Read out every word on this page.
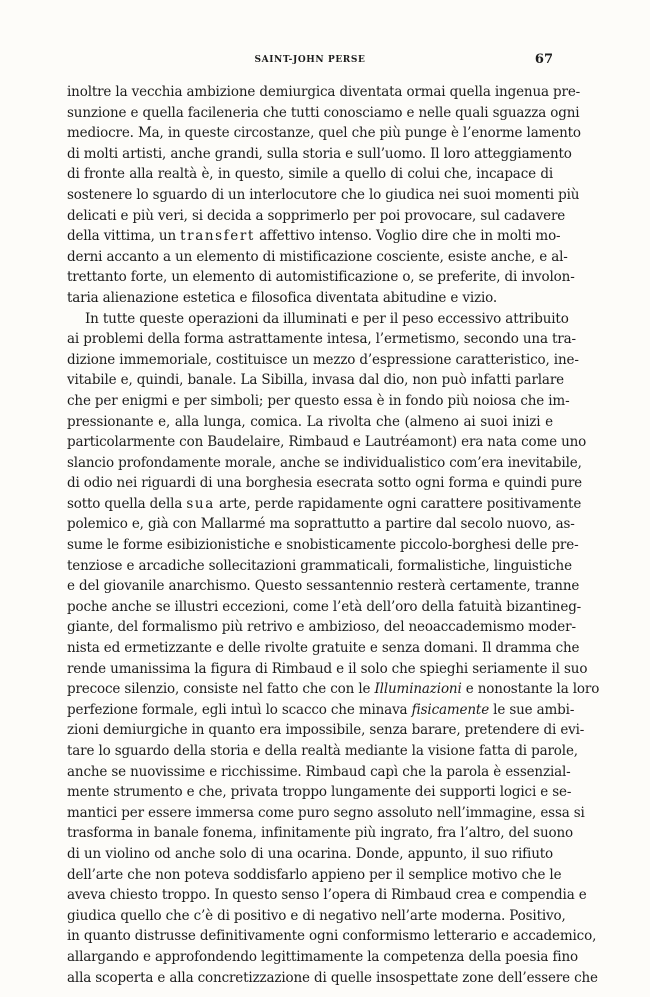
SAINT-JOHN PERSE	67
inoltre la vecchia ambizione demiurgica diventata ormai quella ingenua pre-
sunzione e quella facileneria che tutti conosciamo e nelle quali sguazza ogni
mediocre. Ma, in queste circostanze, quel che più punge è l’enorme lamento
di molti artisti, anche grandi, sulla storia e sull’uomo. Il loro atteggiamento
di fronte alla realtà è, in questo, simile a quello di colui che, incapace di
sostenere lo sguardo di un interlocutore che lo giudica nei suoi momenti più
delicati e più veri, si decida a sopprimerlo per poi provocare, sul cadavere
della vittima, un transfert affettivo intenso. Voglio dire che in molti mo-
derni accanto a un elemento di mistificazione cosciente, esiste anche, e al-
trettanto forte, un elemento di automistificazione o, se preferite, di involon-
taria alienazione estetica e filosofica diventata abitudine e vizio.
In tutte queste operazioni da illuminati e per il peso eccessivo attribuito
ai problemi della forma astrattamente intesa, l’ermetismo, secondo una tra-
dizione immemoriale, costituisce un mezzo d’espressione caratteristico, ine-
vitabile e, quindi, banale. La Sibilla, invasa dal dio, non può infatti parlare
che per enigmi e per simboli; per questo essa è in fondo più noiosa che im-
pressionante e, alla lunga, comica. La rivolta che (almeno ai suoi inizi e
particolarmente con Baudelaire, Rimbaud e Lautréamont) era nata come uno
slancio profondamente morale, anche se individualistico com’era inevitabile,
di odio nei riguardi di una borghesia esecrata sotto ogni forma e quindi pure
sotto quella della sua arte, perde rapidamente ogni carattere positivamente
polemico e, già con Mallarmé ma soprattutto a partire dal secolo nuovo, as-
sume le forme esibizionistiche e snobisticamente piccolo-borghesi delle pre-
tenziose e arcadiche sollecitazioni grammaticali, formalistiche, linguistiche
e del giovanile anarchismo. Questo sessantennio resterà certamente, tranne
poche anche se illustri eccezioni, come l’età dell’oro della fatuità bizantineg-
giante, del formalismo più retrivo e ambizioso, del neoaccademismo moder-
nista ed ermetizzante e delle rivolte gratuite e senza domani. Il dramma che
rende umanissima la figura di Rimbaud e il solo che spieghi seriamente il suo
precoce silenzio, consiste nel fatto che con le Illuminazioni e nonostante la loro
perfezione formale, egli intuì lo scacco che minava fisicamente le sue ambi-
zioni demiurgiche in quanto era impossibile, senza barare, pretendere di evi-
tare lo sguardo della storia e della realtà mediante la visione fatta di parole,
anche se nuovissime e ricchissime. Rimbaud capì che la parola è essenzial-
mente strumento e che, privata troppo lungamente dei supporti logici e se-
mantici per essere immersa come puro segno assoluto nell’immagine, essa si
trasforma in banale fonema, infinitamente più ingrato, fra l’altro, del suono
di un violino od anche solo di una ocarina. Donde, appunto, il suo rifiuto
dell’arte che non poteva soddisfarlo appieno per il semplice motivo che le
aveva chiesto troppo. In questo senso l’opera di Rimbaud crea e compendia e
giudica quello che c’è di positivo e di negativo nell’arte moderna. Positivo,
in quanto distrusse definitivamente ogni conformismo letterario e accademico,
allargando e approfondendo legittimamente la competenza della poesia fino
alla scoperta e alla concretizzazione di quelle insospettate zone dell’essere che
